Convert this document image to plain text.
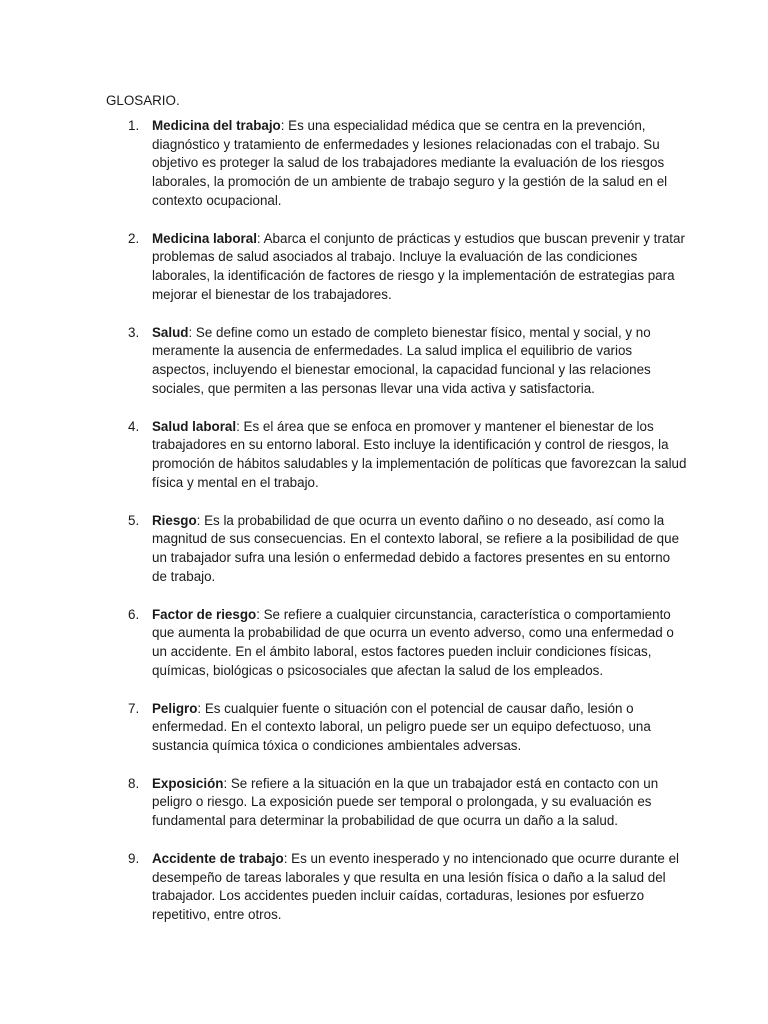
GLOSARIO.
1. Medicina del trabajo: Es una especialidad médica que se centra en la prevención, diagnóstico y tratamiento de enfermedades y lesiones relacionadas con el trabajo. Su objetivo es proteger la salud de los trabajadores mediante la evaluación de los riesgos laborales, la promoción de un ambiente de trabajo seguro y la gestión de la salud en el contexto ocupacional.
2. Medicina laboral: Abarca el conjunto de prácticas y estudios que buscan prevenir y tratar problemas de salud asociados al trabajo. Incluye la evaluación de las condiciones laborales, la identificación de factores de riesgo y la implementación de estrategias para mejorar el bienestar de los trabajadores.
3. Salud: Se define como un estado de completo bienestar físico, mental y social, y no meramente la ausencia de enfermedades. La salud implica el equilibrio de varios aspectos, incluyendo el bienestar emocional, la capacidad funcional y las relaciones sociales, que permiten a las personas llevar una vida activa y satisfactoria.
4. Salud laboral: Es el área que se enfoca en promover y mantener el bienestar de los trabajadores en su entorno laboral. Esto incluye la identificación y control de riesgos, la promoción de hábitos saludables y la implementación de políticas que favorezcan la salud física y mental en el trabajo.
5. Riesgo: Es la probabilidad de que ocurra un evento dañino o no deseado, así como la magnitud de sus consecuencias. En el contexto laboral, se refiere a la posibilidad de que un trabajador sufra una lesión o enfermedad debido a factores presentes en su entorno de trabajo.
6. Factor de riesgo: Se refiere a cualquier circunstancia, característica o comportamiento que aumenta la probabilidad de que ocurra un evento adverso, como una enfermedad o un accidente. En el ámbito laboral, estos factores pueden incluir condiciones físicas, químicas, biológicas o psicosociales que afectan la salud de los empleados.
7. Peligro: Es cualquier fuente o situación con el potencial de causar daño, lesión o enfermedad. En el contexto laboral, un peligro puede ser un equipo defectuoso, una sustancia química tóxica o condiciones ambientales adversas.
8. Exposición: Se refiere a la situación en la que un trabajador está en contacto con un peligro o riesgo. La exposición puede ser temporal o prolongada, y su evaluación es fundamental para determinar la probabilidad de que ocurra un daño a la salud.
9. Accidente de trabajo: Es un evento inesperado y no intencionado que ocurre durante el desempeño de tareas laborales y que resulta en una lesión física o daño a la salud del trabajador. Los accidentes pueden incluir caídas, cortaduras, lesiones por esfuerzo repetitivo, entre otros.
